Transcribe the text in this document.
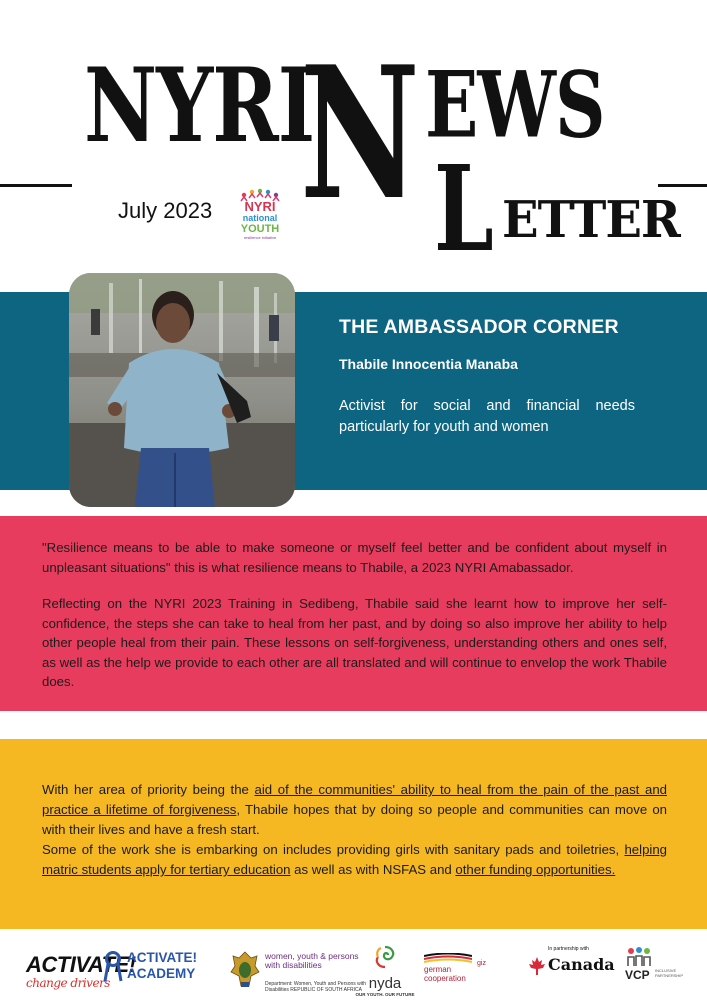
NYRI
N EWS
L ETTER
July 2023 NYRI
national
YOUTH
resilience initiative
THE AMBASSADOR CORNER
Thabile Innocentia Manaba
Activist for social and financial needs particularly for youth and women

"Resilience means to be able to make someone or myself feel better and be confident about myself in unpleasant situations" this is what resilience means to Thabile, a 2023 NYRI Amabassador.

Reflecting on the NYRI 2023 Training in Sedibeng, Thabile said she learnt how to improve her self-confidence, the steps she can take to heal from her past, and by doing so also improve her ability to help other people heal from their pain. These lessons on self-forgiveness, understanding others and ones self, as well as the help we provide to each other are all translated and will continue to envelop the work Thabile does.

With her area of priority being the aid of the communities' ability to heal from the pain of the past and practice a lifetime of forgiveness, Thabile hopes that by doing so people and communities can move on with their lives and have a fresh start.
Some of the work she is embarking on includes providing girls with sanitary pads and toiletries, helping matric students apply for tertiary education as well as with NSFAS and other funding opportunities.
ACTIVATE!
change drivers
ACTIVATE!
ACADEMY
women, youth & persons with disabilities
Department: Women, Youth and Persons with Disabilities REPUBLIC OF SOUTH AFRICA nyda
OUR YOUTH. OUR FUTURE
german
cooperation
giz
In partnership with
Canada
VCP INCLUSIVE PARTNERSHIP
